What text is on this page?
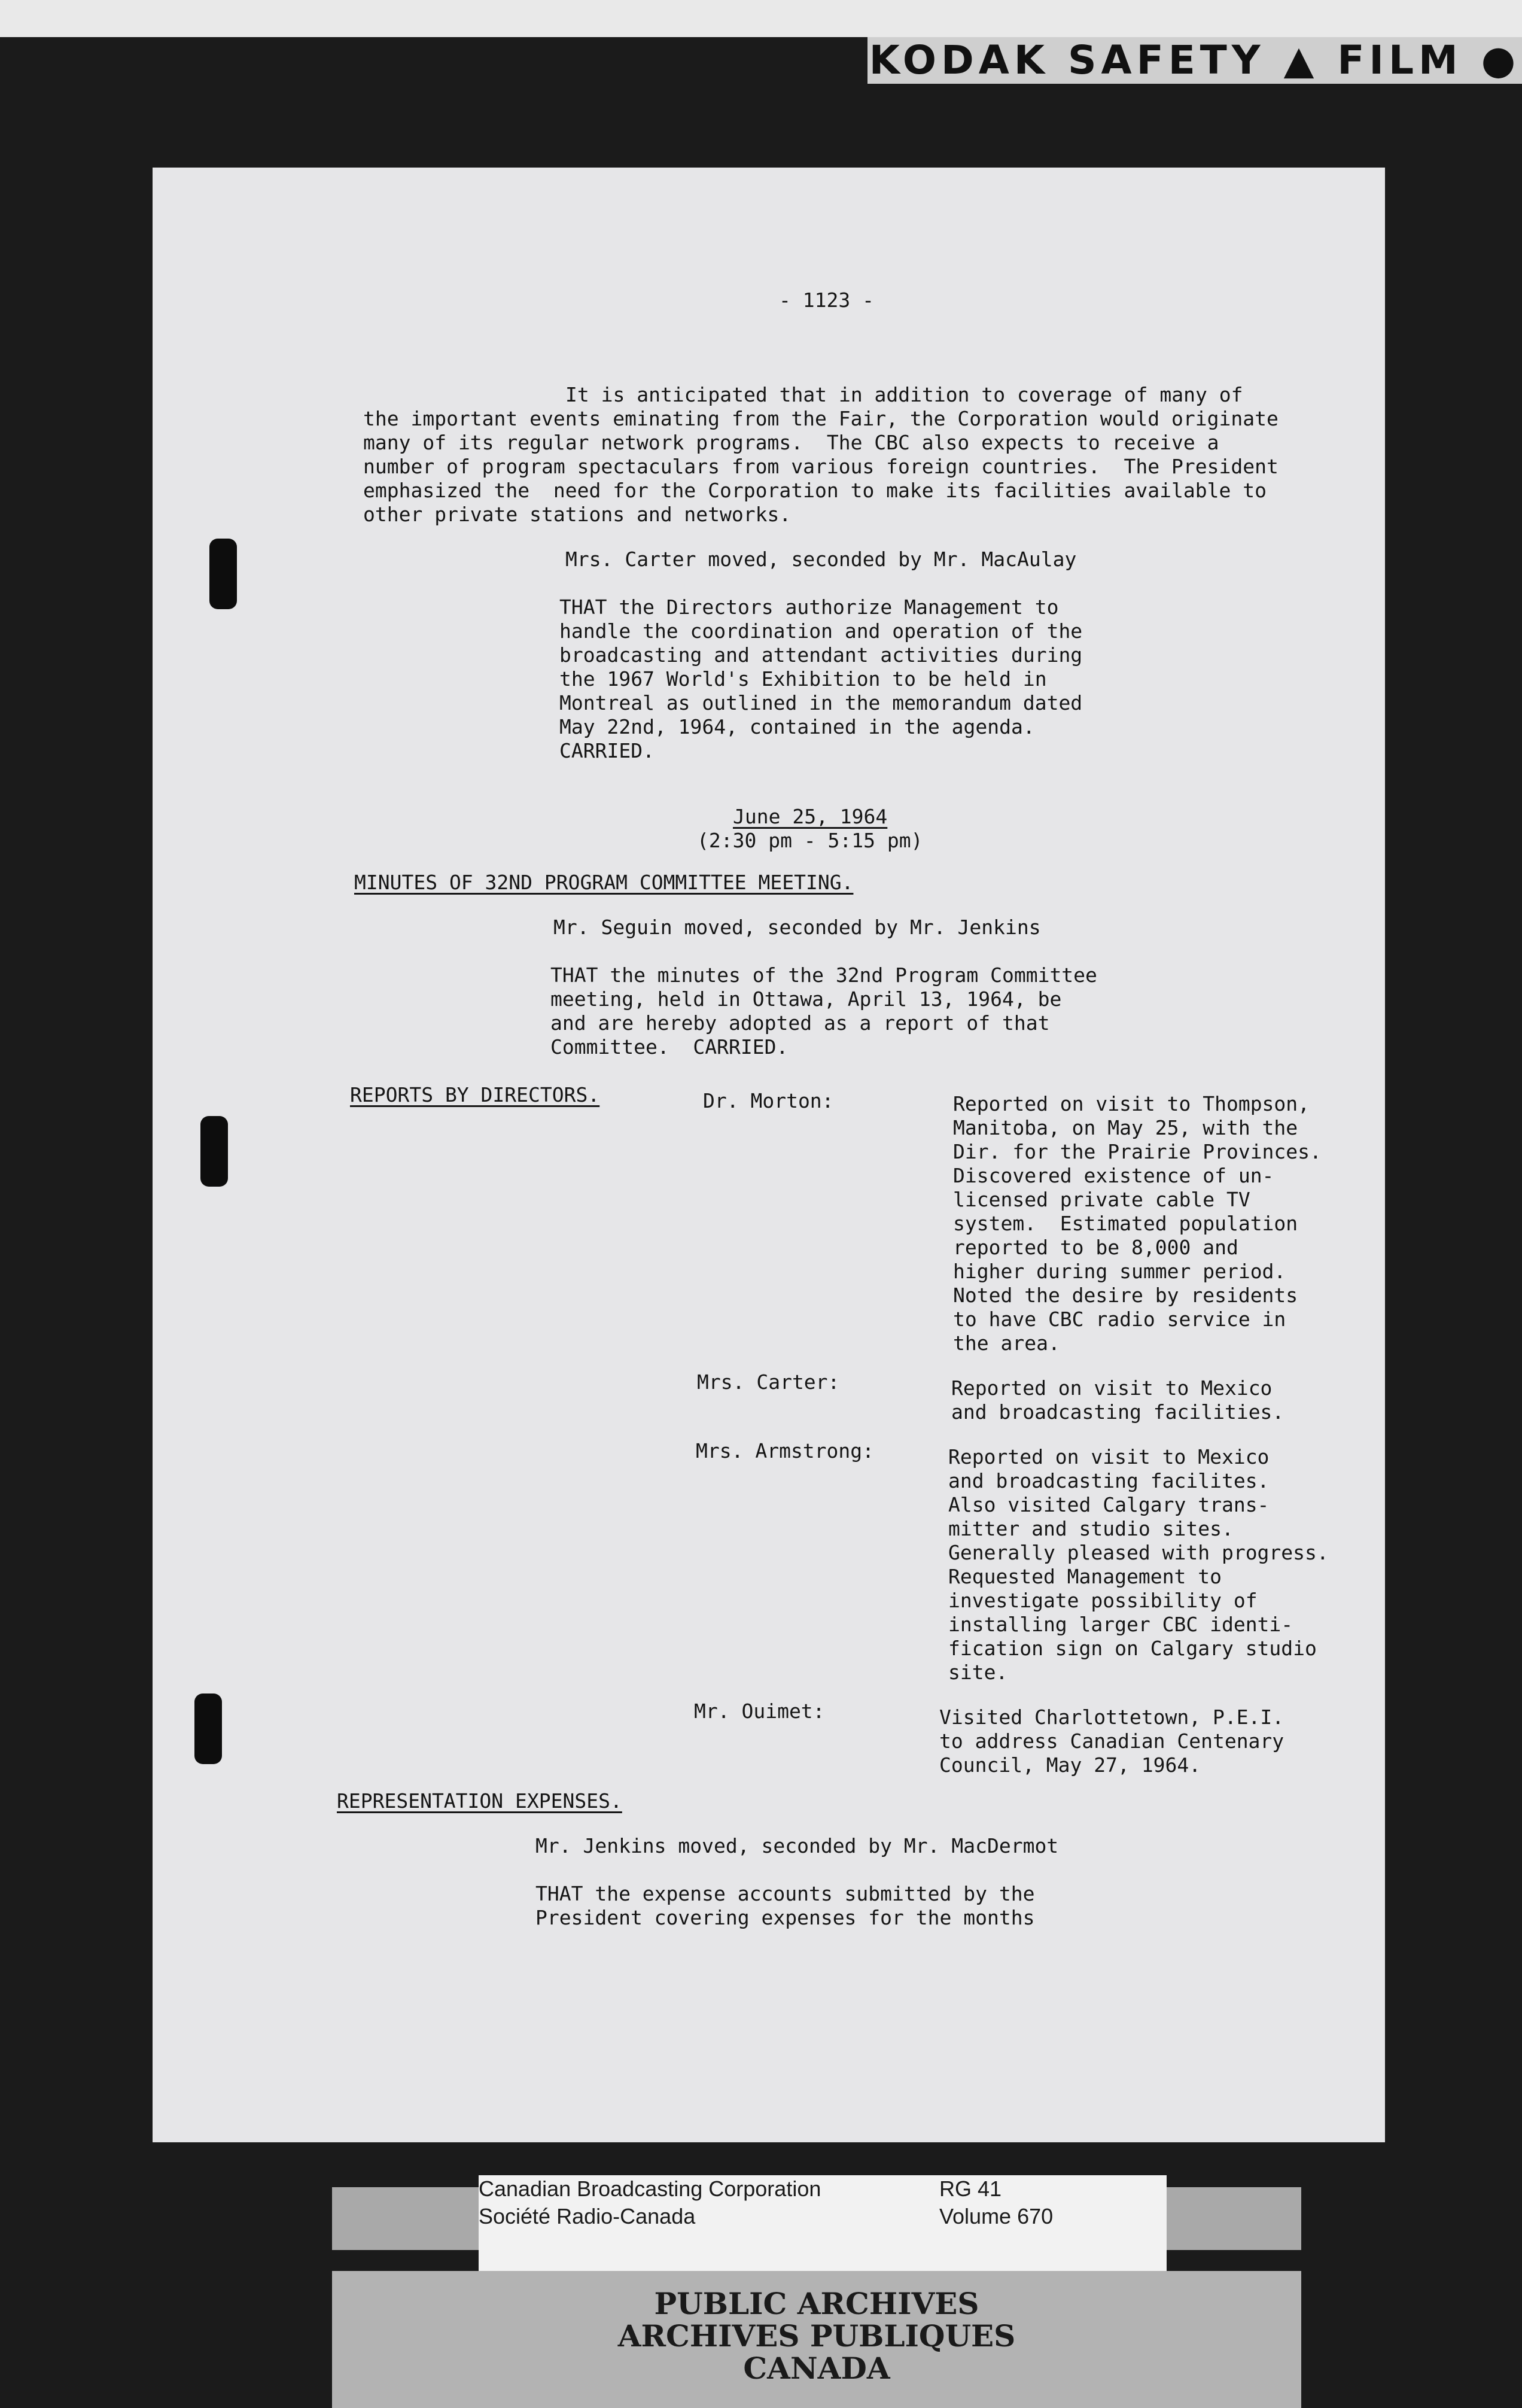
KODAK SAFETY ▲ FILM ●
- 1123 -
It is anticipated that in addition to coverage of many of
the important events eminating from the Fair, the Corporation would originate
many of its regular network programs.  The CBC also expects to receive a
number of program spectaculars from various foreign countries.  The President
emphasized the  need for the Corporation to make its facilities available to
other private stations and networks.
Mrs. Carter moved, seconded by Mr. MacAulay
THAT the Directors authorize Management to
handle the coordination and operation of the
broadcasting and attendant activities during
the 1967 World's Exhibition to be held in
Montreal as outlined in the memorandum dated
May 22nd, 1964, contained in the agenda.
CARRIED.
June 25, 1964
(2:30 pm - 5:15 pm)
MINUTES OF 32ND PROGRAM COMMITTEE MEETING.
Mr. Seguin moved, seconded by Mr. Jenkins
THAT the minutes of the 32nd Program Committee
meeting, held in Ottawa, April 13, 1964, be
and are hereby adopted as a report of that
Committee.  CARRIED.
REPORTS BY DIRECTORS.	Dr. Morton:	Reported on visit to Thompson,
Manitoba, on May 25, with the
Dir. for the Prairie Provinces.
Discovered existence of un-
licensed private cable TV
system.  Estimated population
reported to be 8,000 and
higher during summer period.
Noted the desire by residents
to have CBC radio service in
the area.
Mrs. Carter:	Reported on visit to Mexico
and broadcasting facilities.
Mrs. Armstrong:	Reported on visit to Mexico
and broadcasting facilites.
Also visited Calgary trans-
mitter and studio sites.
Generally pleased with progress.
Requested Management to
investigate possibility of
installing larger CBC identi-
fication sign on Calgary studio
site.
Mr. Ouimet:	Visited Charlottetown, P.E.I.
to address Canadian Centenary
Council, May 27, 1964.
REPRESENTATION EXPENSES.
Mr. Jenkins moved, seconded by Mr. MacDermot
THAT the expense accounts submitted by the
President covering expenses for the months
Canadian Broadcasting Corporation
Société Radio-Canada
RG 41
Volume 670
PUBLIC ARCHIVES
ARCHIVES PUBLIQUES
CANADA
